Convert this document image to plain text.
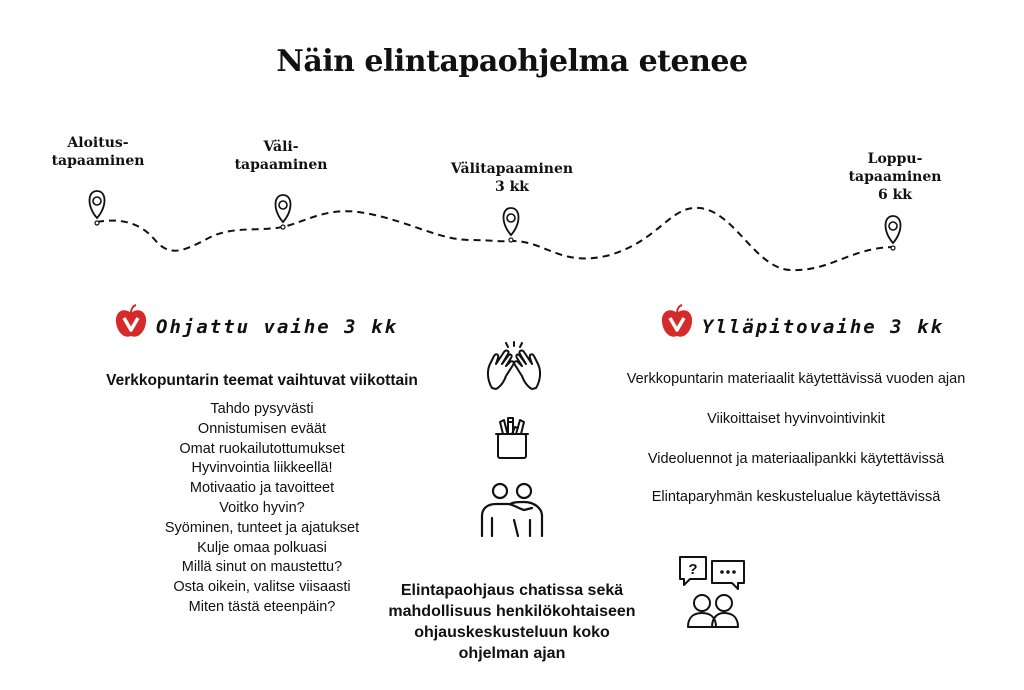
Näin elintapaohjelma etenee
Aloitus-
tapaaminen
Väli-
tapaaminen	Välitapaaminen
3 kk
Loppu-
tapaaminen
6 kk
Ohjattu vaihe 3 kk	Ylläpitovaihe 3 kk
Verkkopuntarin teemat vaihtuvat viikottain
Tahdo pysyvästi
Onnistumisen eväät
Omat ruokailutottumukset
Hyvinvointia liikkeellä!
Motivaatio ja tavoitteet
Voitko hyvin?
Syöminen, tunteet ja ajatukset
Kulje omaa polkuasi
Millä sinut on maustettu?
Osta oikein, valitse viisaasti
Miten tästä eteenpäin?
?
Verkkopuntarin materiaalit käytettävissä vuoden ajan
Viikoittaiset hyvinvointivinkit
Videoluennot ja materiaalipankki käytettävissä
Elintaparyhmän keskustelualue käytettävissä
Elintapaohjaus chatissa sekä
mahdollisuus henkilökohtaiseen
ohjauskeskusteluun koko
ohjelman ajan
